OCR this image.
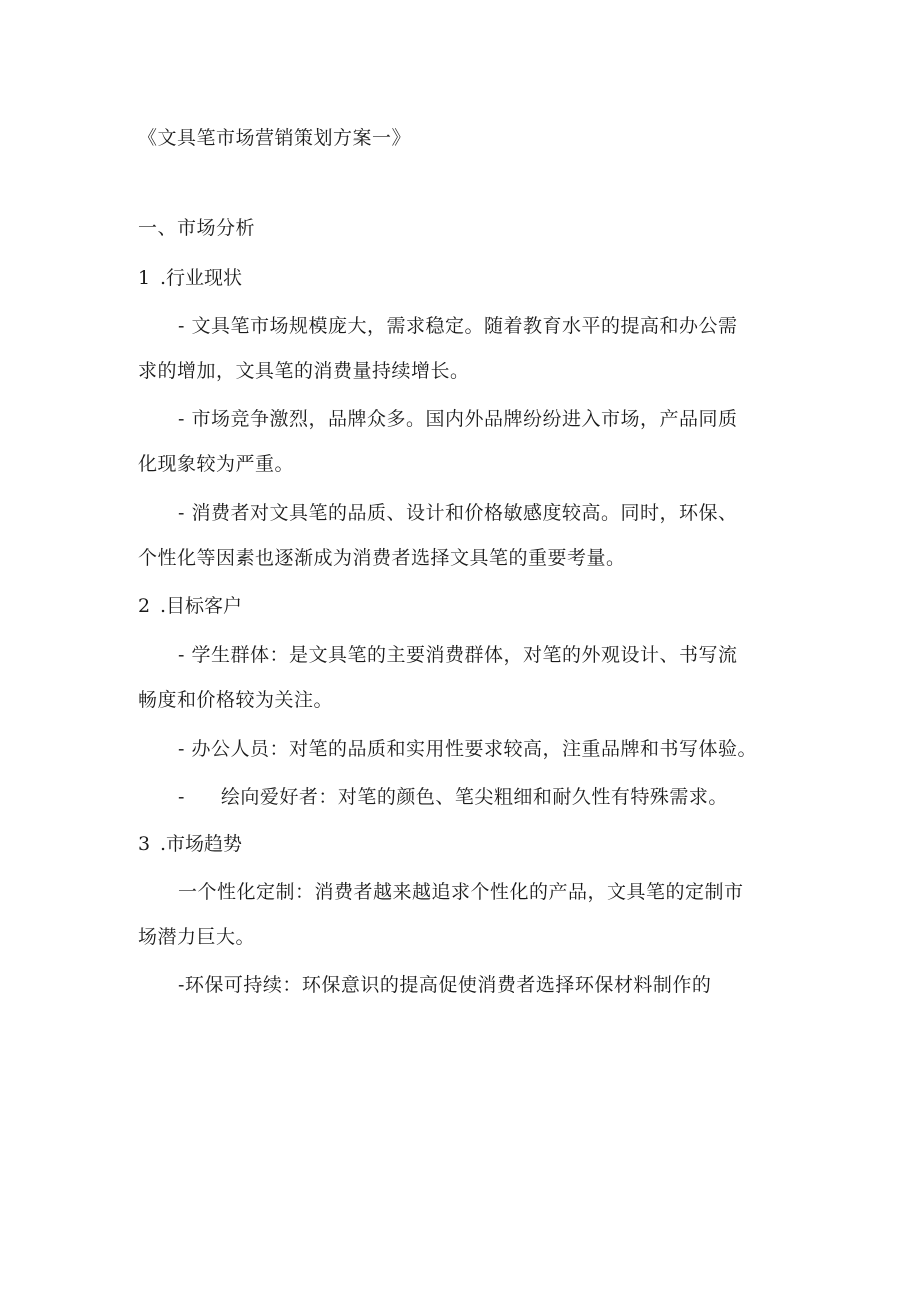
《文具笔市场营销策划方案一》
一、市场分析
1 .行业现状
- 文具笔市场规模庞大，需求稳定。随着教育水平的提高和办公需
求的增加，文具笔的消费量持续增长。
- 市场竞争激烈，品牌众多。国内外品牌纷纷进入市场，产品同质
化现象较为严重。
- 消费者对文具笔的品质、设计和价格敏感度较高。同时，环保、
个性化等因素也逐渐成为消费者选择文具笔的重要考量。
2 .目标客户
- 学生群体：是文具笔的主要消费群体，对笔的外观设计、书写流
畅度和价格较为关注。
- 办公人员：对笔的品质和实用性要求较高，注重品牌和书写体验。
- 绘向爱好者：对笔的颜色、笔尖粗细和耐久性有特殊需求。
3 .市场趋势
一个性化定制：消费者越来越追求个性化的产品，文具笔的定制市
场潜力巨大。
-环保可持续：环保意识的提高促使消费者选择环保材料制作的
